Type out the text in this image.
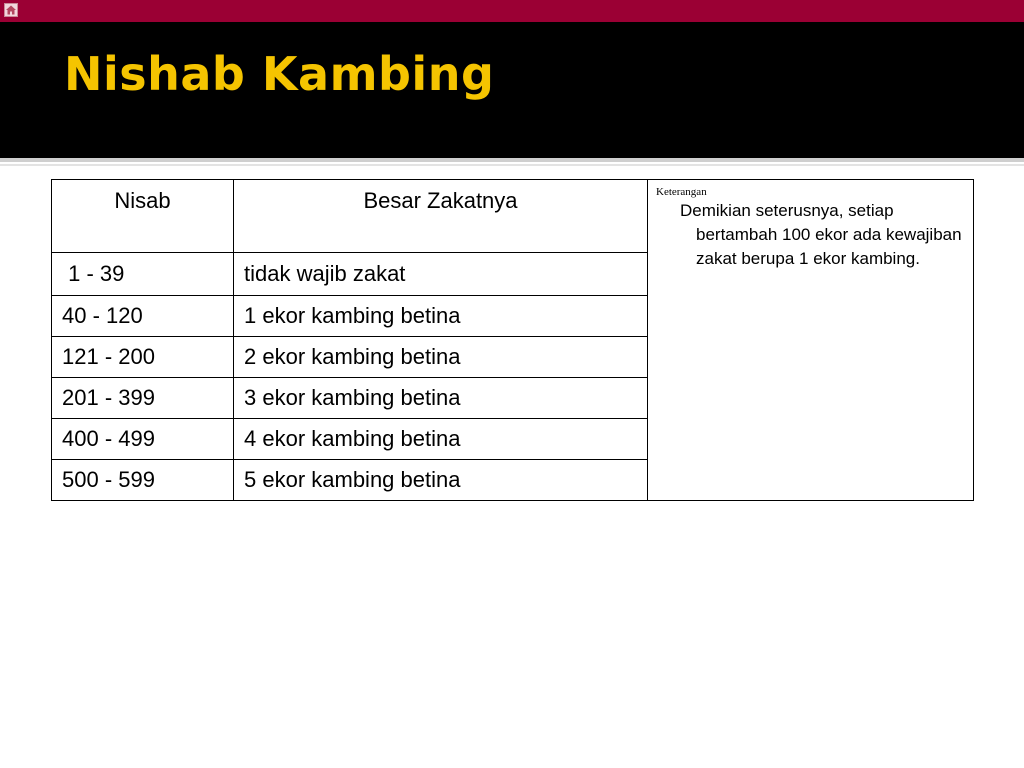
Nishab Kambing
Nisab	Besar Zakatnya	Keterangan
Demikian seterusnya, setiap bertambah 100 ekor ada kewajiban zakat berupa 1 ekor kambing.

1 - 39	tidak wajib zakat	
40 - 120	1 ekor kambing betina	
121 - 200	2 ekor kambing betina	
201 - 399	3 ekor kambing betina	
400 - 499	4 ekor kambing betina	
500 - 599	5 ekor kambing betina	
